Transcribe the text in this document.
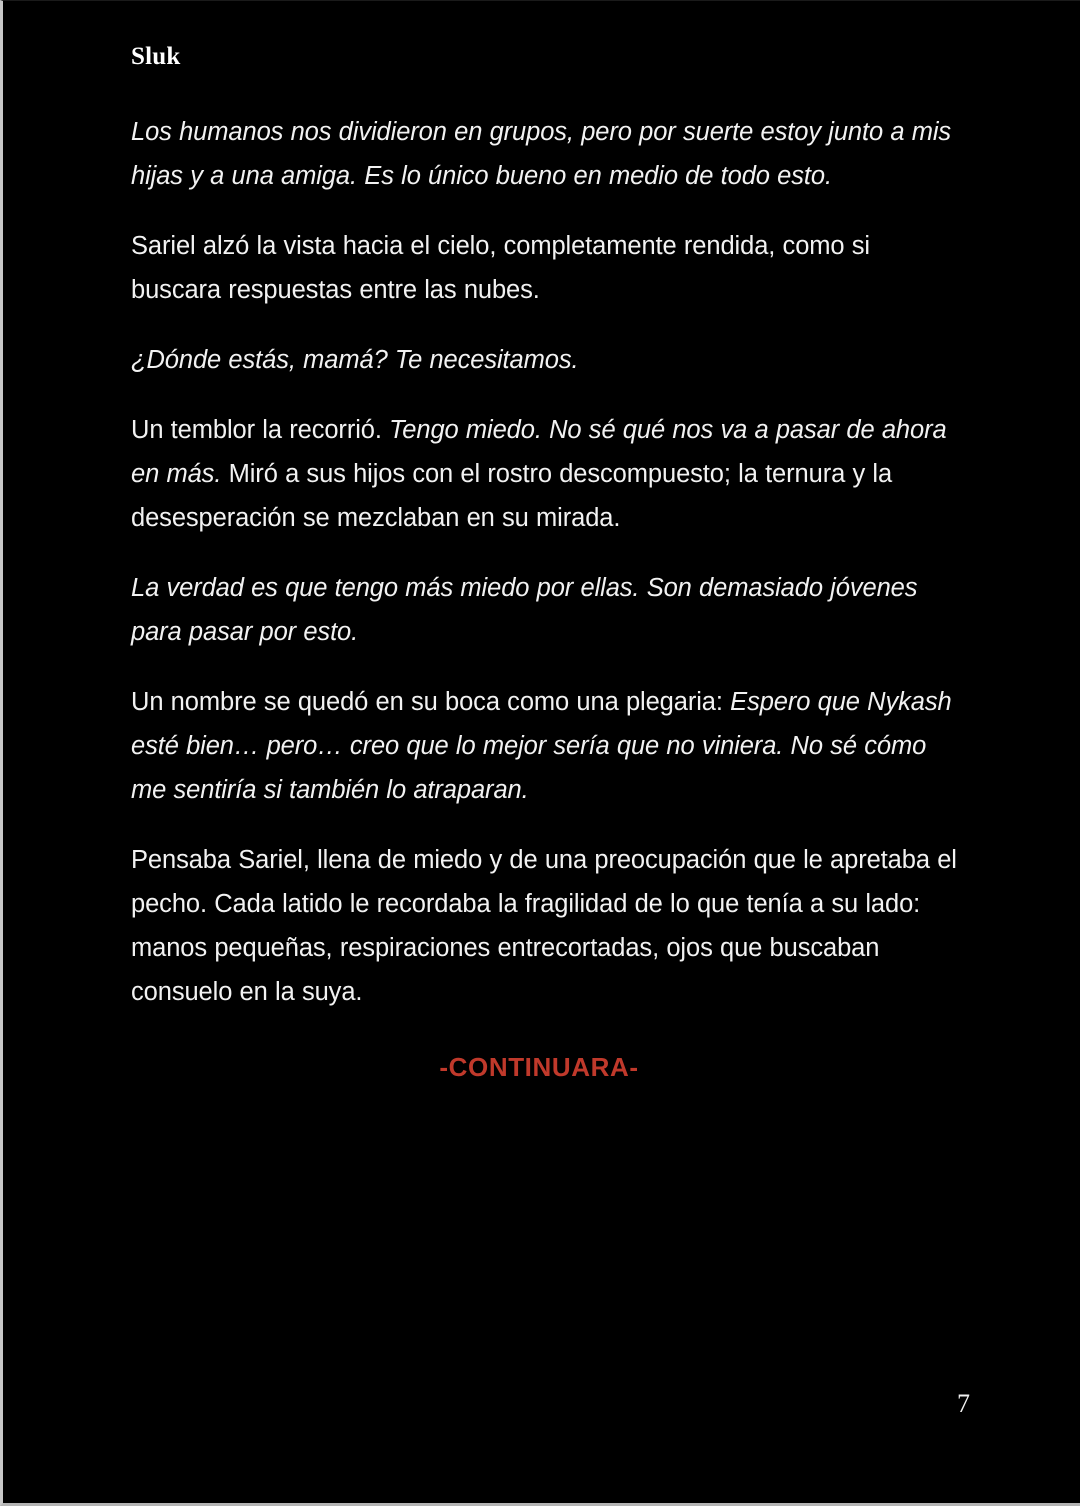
Sluk

Los humanos nos dividieron en grupos, pero por suerte estoy junto a mis hijas y a una amiga. Es lo único bueno en medio de todo esto.

Sariel alzó la vista hacia el cielo, completamente rendida, como si buscara respuestas entre las nubes.

¿Dónde estás, mamá? Te necesitamos.

Un temblor la recorrió. Tengo miedo. No sé qué nos va a pasar de ahora en más. Miró a sus hijos con el rostro descompuesto; la ternura y la desesperación se mezclaban en su mirada.

La verdad es que tengo más miedo por ellas. Son demasiado jóvenes para pasar por esto.

Un nombre se quedó en su boca como una plegaria: Espero que Nykash esté bien… pero… creo que lo mejor sería que no viniera. No sé cómo me sentiría si también lo atraparan.

Pensaba Sariel, llena de miedo y de una preocupación que le apretaba el pecho. Cada latido le recordaba la fragilidad de lo que tenía a su lado: manos pequeñas, respiraciones entrecortadas, ojos que buscaban consuelo en la suya.

-CONTINUARA-

7
